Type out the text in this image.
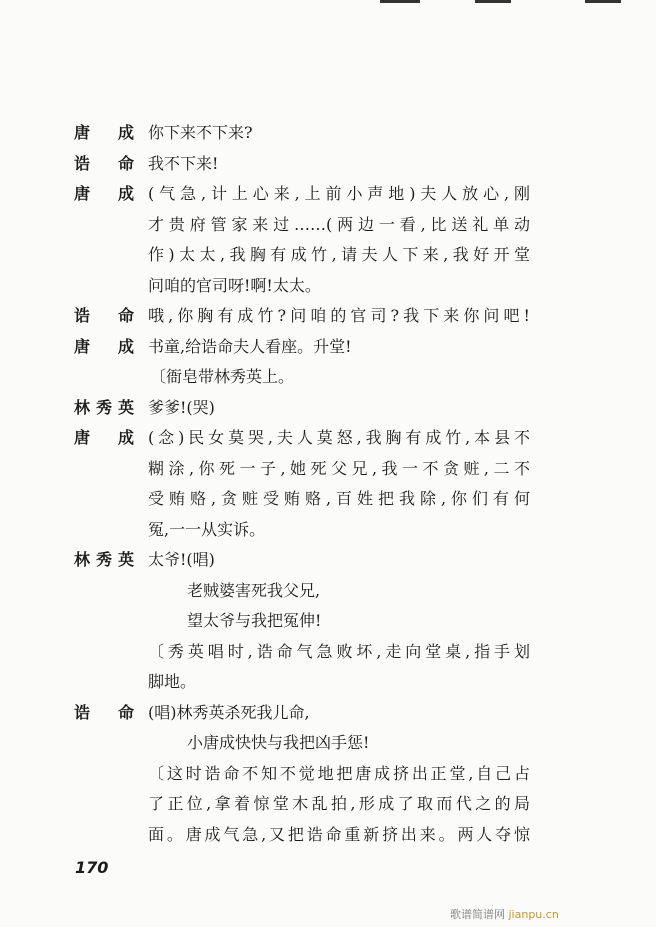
唐成 你下来不下来?
诰命 我不下来!
唐成 (气急,计上心来,上前小声地)夫人放心,刚
才贵府管家来过……(两边一看,比送礼单动
作)太太,我胸有成竹,请夫人下来,我好开堂
问咱的官司呀!啊!太太。
诰命 哦,你胸有成竹?问咱的官司?我下来你问吧!
唐成 书童,给诰命夫人看座。升堂!
〔衙皂带林秀英上。
林秀英 爹爹!(哭)
唐成 (念)民女莫哭,夫人莫怒,我胸有成竹,本县不
糊涂,你死一子,她死父兄,我一不贪赃,二不
受贿赂,贪赃受贿赂,百姓把我除,你们有何
冤,一一从实诉。
林秀英 太爷!(唱)
老贼婆害死我父兄,
望太爷与我把冤伸!
〔秀英唱时,诰命气急败坏,走向堂桌,指手划
脚地。
诰命 (唱)林秀英杀死我儿命,
小唐成快快与我把凶手惩!
〔这时诰命不知不觉地把唐成挤出正堂,自己占
了正位,拿着惊堂木乱拍,形成了取而代之的局
面。唐成气急,又把诰命重新挤出来。两人夺惊
170
歌谱简谱网 jianpu.cn
